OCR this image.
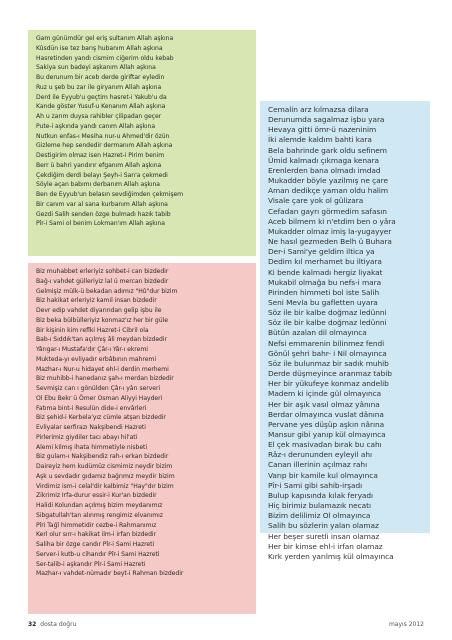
Gam günümdür gel eriş sultanım Allah aşkına
Kûsdün ise tez barış hubanım Allah aşkına
Hasretinden yandı cismim ciğerim oldu kebab
Sakiya sun badeyi aşkanım Allah aşkına
Bu derunum bir aceb derde giriftar eyledin
Ruz u şeb bu zar ile giryanım Allah aşkına
Derd ile Eyyub'u geçtim hasret-i Yakub'u da
Kande göster Yusuf-u Kenanım Allah aşkına
Ah u zarım duysa rahibler çilipadan geçer
Pute-i aşkında yandı canım Allah aşkına
Nutkun enfas-ı Mesiha nur-u Ahmed'dir özün
Gizleme hep sendedir dermanım Allah aşkına
Destigirim olmaz isen Hazret-i Pirim benim
Berr ü bahri yandırır efganım Allah aşkına
Çekdiğim derdi belayı Şeyh-i San'a çekmedi
Söyle açan babımı derbanım Allah aşkına
Ben de Eyyub'un belasın sevdiğimden çekmişem
Bir canım var al sana kurbanım Allah aşkına
Gezdi Salih senden özge bulmadı hazık tabib
Pîr-i Sami ol benim Lokman'ım Allah aşkına
Biz muhabbet erleriyiz sohbet-i can bizdedir
Bağ-ı vahdet gülleriyiz lal ü mercan bizdedir
Gelmişiz mülk-ü bekadan adımız "Hû"dur bizim
Biz hakikat erleriyiz kamil insan bizdedir
Devr edip vahdet diyarından gelip işbu ile
Biz beka bülbülleriyiz konmaz'ız her bir güle
Bir kişinin kim refîki Hazret-i Cibril ola
Bab-ı Sıddık'tan açılmış âli meydan bizdedir
Yârıgar-ı Mustafa'dır Çâr-ı Yâr-ı ekremi
Mukteda-yı evliyadır erbâbının mahremi
Mazhar-ı Nur-u hidayet ehl-i derdin merhemi
Biz muhibb-i hanedanız şah-ı merdan bizdedir
Sevmişiz can ı gönülden Çâr-ı yârı serveri
Ol Ebu Bekr ü Ömer Osman Aliyyi Hayderi
Fatıma bint-i Resulün dide-i envârleri
Biz şehid-i Kerbela'yız cümle atşan bizdedir
Evliyalar serfirazı Nakşibendi Hazreti
Pirlerimiz giydiler tacı abayı hil'ati
Alemi kilmış ihata himmetiyle nisbeti
Biz gulam-ı Nakşibendiz rah-ı erkan bizdedir
Daireyiz hem kudümüz cismimiz neydir bizim
Aşk u sevdadır gıdamız bağrımız meydir bizim
Virdimiz ism-i celal'dir kalbimiz "Hay"dır bizim
Zikrimiz Irfa-durur essir-i Kur'an bizdedir
Halidi Kolundan açılmış bizim meydanımız
Sibgatullah'tan alınmış rengimiz elvanımız
Pîri Tağî himmetidir cezbe-i Rahmanımız
Kerl olur sırr-ı hakikat ilm-i irfan bizdedir
Saliha bir özge candır Pîr-i Sami Hazreti
Server-i kutb-u cihandır Pîr-i Sami Hazreti
Ser-talib-i aşkandır Pîr-i Sami Hazreti
Mazhar-ı vahdet-nümadır beyt-i Rahman bizdedir
Cemalin arz kılmazsa dilara
Derunumda sagalmaz işbu yara
Hevaya gitti ömr-ü nazeninim
İki alemde kaldım bahti kara
Bela bahrinde gark oldu sefinem
Ümid kalmadı çıkmaga kenara
Erenlerden bana olmadı imdad
Mukadder böyle yazilmış ne çare
Aman dedikçe yaman oldu halim
Visale çare yok ol gülizara
Cefadan gayrı görmedim safasın
Aceb bilmem ki n'etdim ben o yâra
Mukadder olmaz imiş la-yugayyer
Ne hasıl gezmeden Belh ü Buhara
Der-i Sami'ye geldim iltica ya
Dedim kıl merhamet bu iltiyara
Ki bende kalmadı hergiz liyakat
Mukabil olmağa bu nefs-i mara
Pirinden himmeti bol iste Salih
Seni Mevla bu gafletten uyara
Söz ile bir kalbe doğmaz ledünni
Söz ile bir kalbe doğmaz ledünni
Bütün azalan dil olmayınca
Nefsi emmarenin bilinmez fendi
Gönül şehri bahr- i Nil olmayınca
Söz ile bulunmaz bir sadık muhib
Derde düşmeyince aranmaz tabib
Her bir yükufeye konmaz andelib
Madem ki içinde gül olmayınca
Her bir aşık vasıl olmaz yânına
Berdar olmayınca vuslat dânına
Pervane yes düşüp aşkın nârına
Mansur gibi yanıp kül olmayınca
El çek masivadan bırak bu cahı
Râz-ı derununden eyleyil ahı
Canan illerinin açılmaz rahı
Varıp bir kamile kul olmayınca
Pîr-i Sami gibi sahib-irşadı
Bulup kapısında kılak feryadı
Hiç birimiz bulamazık necatı
Bizim delilimiz Ol olmayınca
Salih bu sözlerin yalan olamaz
Her beşer suretli insan olamaz
Her bir kimse ehl-i irfan olamaz
Kırk yerden yarılmış kül olmayınca
32 dosta doğru	mayıs 2012
